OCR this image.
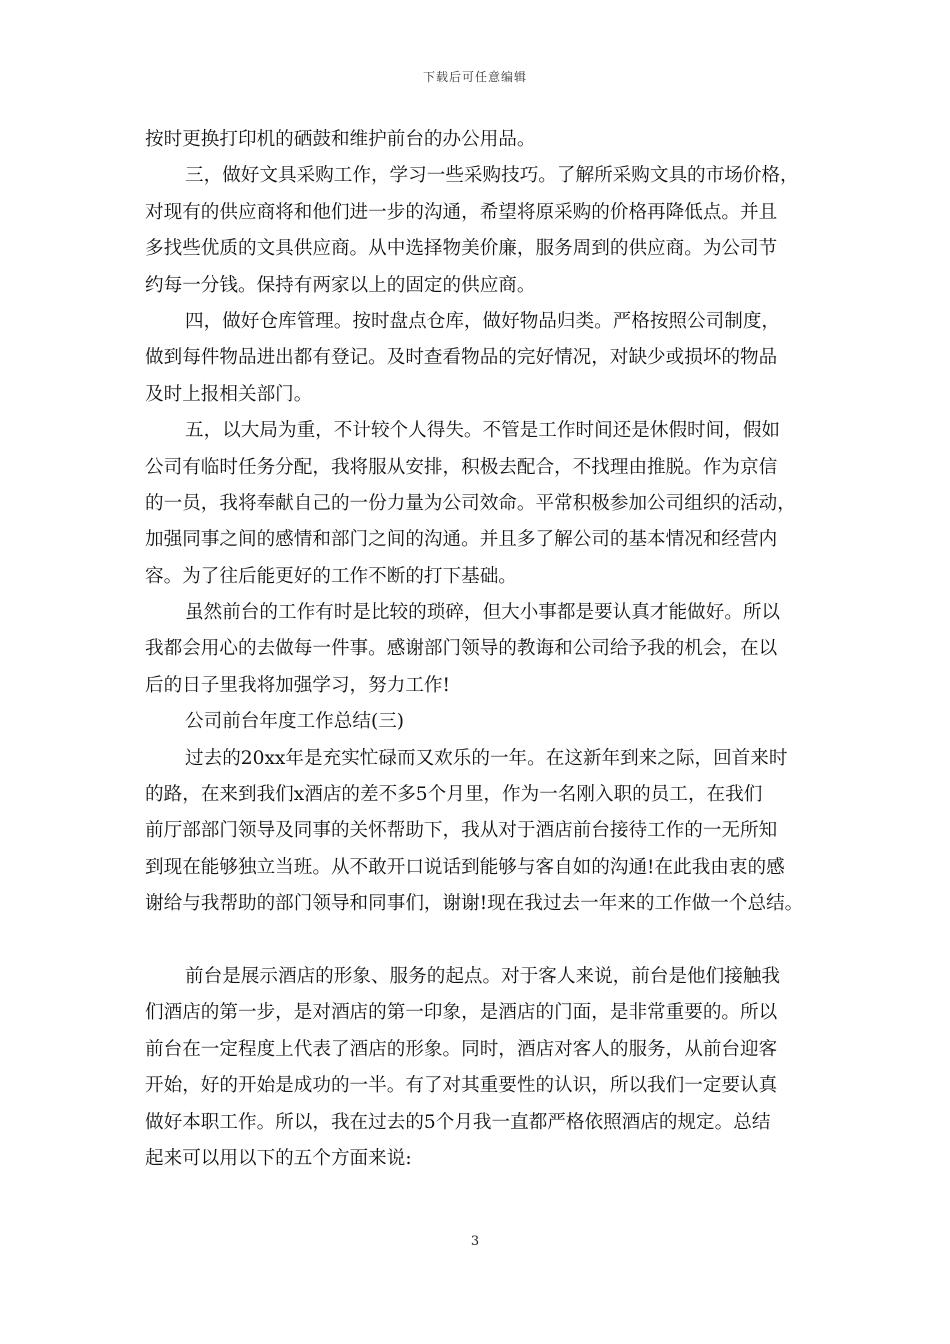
下载后可任意编辑
按时更换打印机的硒鼓和维护前台的办公用品。
三，做好文具采购工作，学习一些采购技巧。了解所采购文具的市场价格，
对现有的供应商将和他们进一步的沟通，希望将原采购的价格再降低点。并且
多找些优质的文具供应商。从中选择物美价廉，服务周到的供应商。为公司节
约每一分钱。保持有两家以上的固定的供应商。
四，做好仓库管理。按时盘点仓库，做好物品归类。严格按照公司制度，
做到每件物品进出都有登记。及时查看物品的完好情况，对缺少或损坏的物品
及时上报相关部门。
五，以大局为重，不计较个人得失。不管是工作时间还是休假时间，假如
公司有临时任务分配，我将服从安排，积极去配合，不找理由推脱。作为京信
的一员，我将奉献自己的一份力量为公司效命。平常积极参加公司组织的活动，
加强同事之间的感情和部门之间的沟通。并且多了解公司的基本情况和经营内
容。为了往后能更好的工作不断的打下基础。
虽然前台的工作有时是比较的琐碎，但大小事都是要认真才能做好。所以
我都会用心的去做每一件事。感谢部门领导的教诲和公司给予我的机会，在以
后的日子里我将加强学习，努力工作!
公司前台年度工作总结(三)
过去的20xx年是充实忙碌而又欢乐的一年。在这新年到来之际，回首来时
的路，在来到我们x酒店的差不多5个月里，作为一名刚入职的员工，在我们
前厅部部门领导及同事的关怀帮助下，我从对于酒店前台接待工作的一无所知
到现在能够独立当班。从不敢开口说话到能够与客自如的沟通!在此我由衷的感
谢给与我帮助的部门领导和同事们，谢谢!现在我过去一年来的工作做一个总结。
前台是展示酒店的形象、服务的起点。对于客人来说，前台是他们接触我
们酒店的第一步，是对酒店的第一印象，是酒店的门面，是非常重要的。所以
前台在一定程度上代表了酒店的形象。同时，酒店对客人的服务，从前台迎客
开始，好的开始是成功的一半。有了对其重要性的认识，所以我们一定要认真
做好本职工作。所以，我在过去的5个月我一直都严格依照酒店的规定。总结
起来可以用以下的五个方面来说:
3
